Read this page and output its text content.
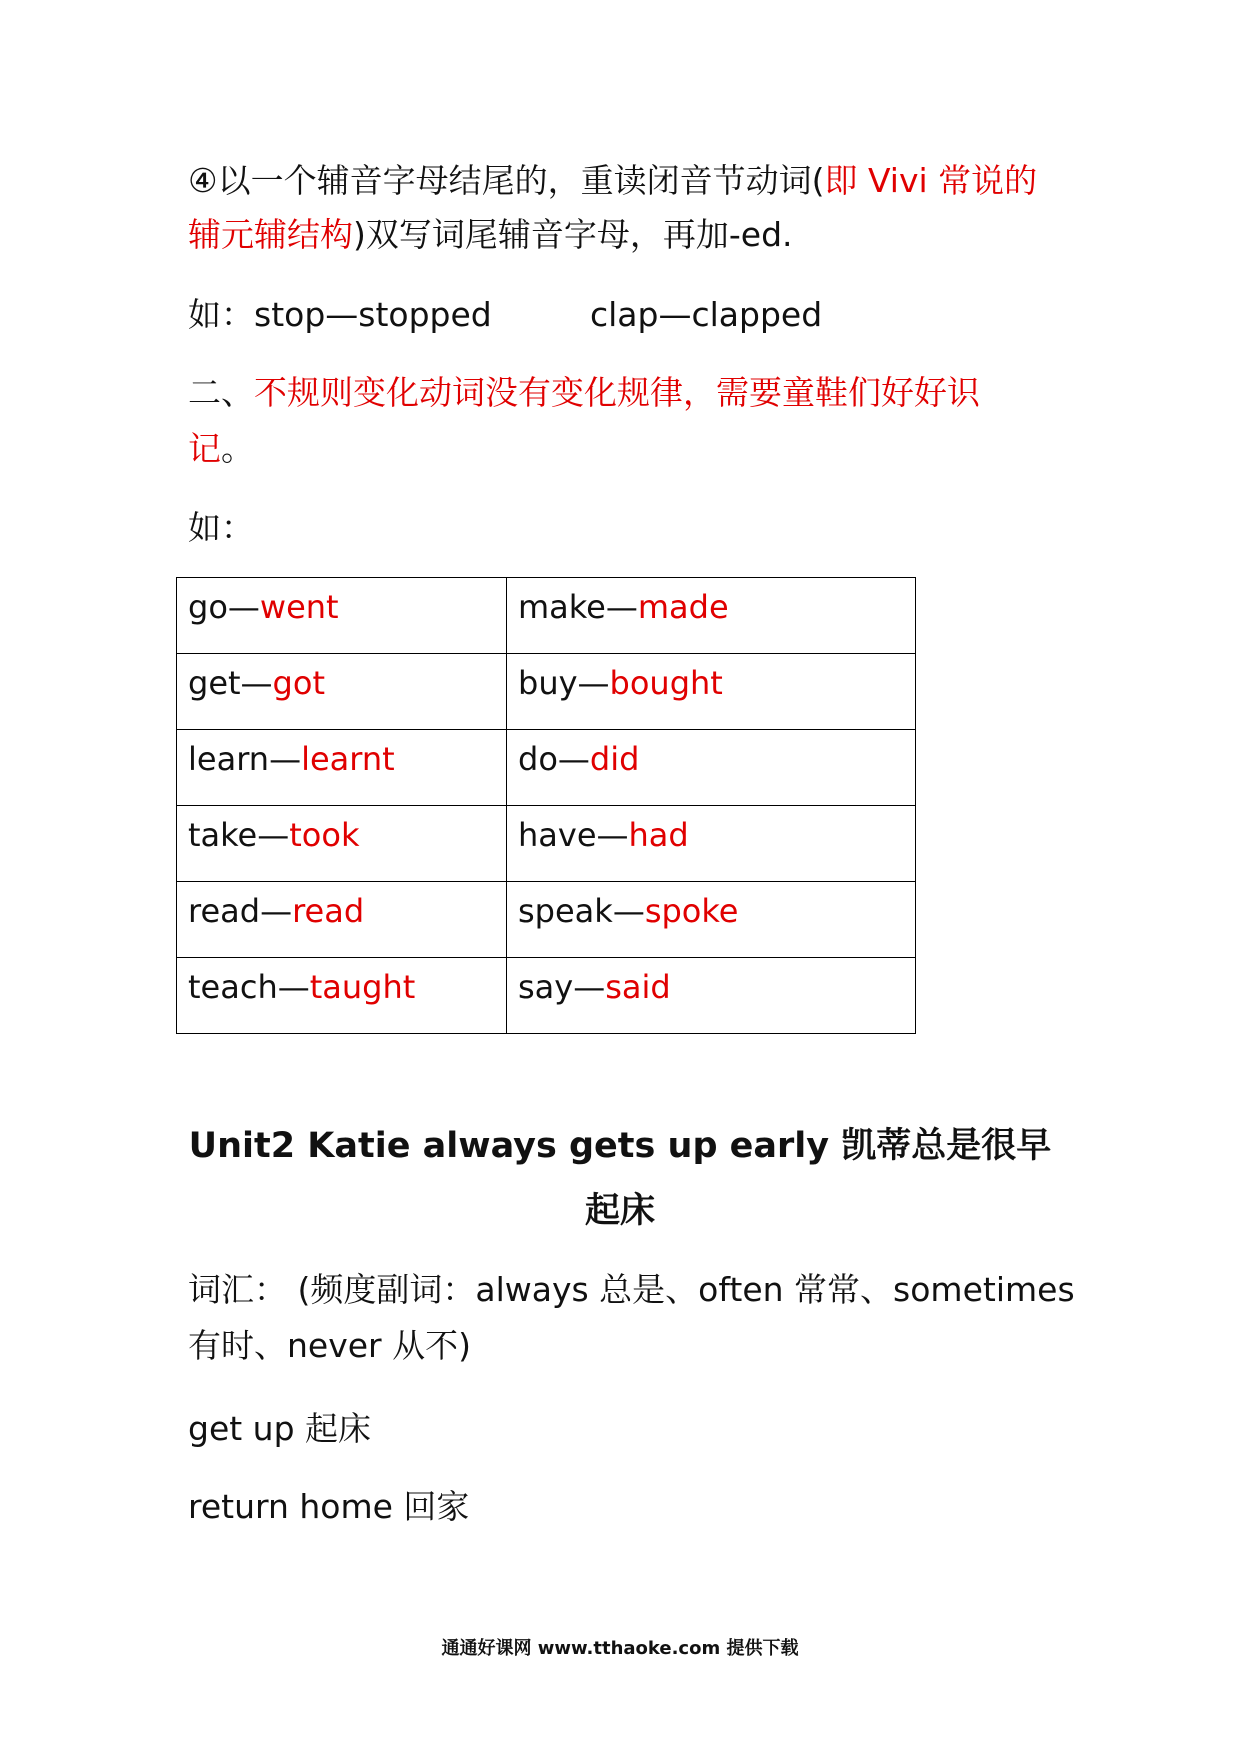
④以一个辅音字母结尾的，重读闭音节动词(即 Vivi 常说的
辅元辅结构)双写词尾辅音字母，再加-ed.
如：stop—stopped	clap—clapped
二、不规则变化动词没有变化规律，需要童鞋们好好识
记。
如：
go—went	make—made
get—got	buy—bought
learn—learnt	do—did
take—took	have—had
read—read	speak—spoke
teach—taught	say—said
Unit2 Katie always gets up early 凯蒂总是很早
起床
词汇： (频度副词：always 总是、often 常常、sometimes
有时、never 从不)
get up 起床
return home 回家
通通好课网 www.tthaoke.com 提供下载
